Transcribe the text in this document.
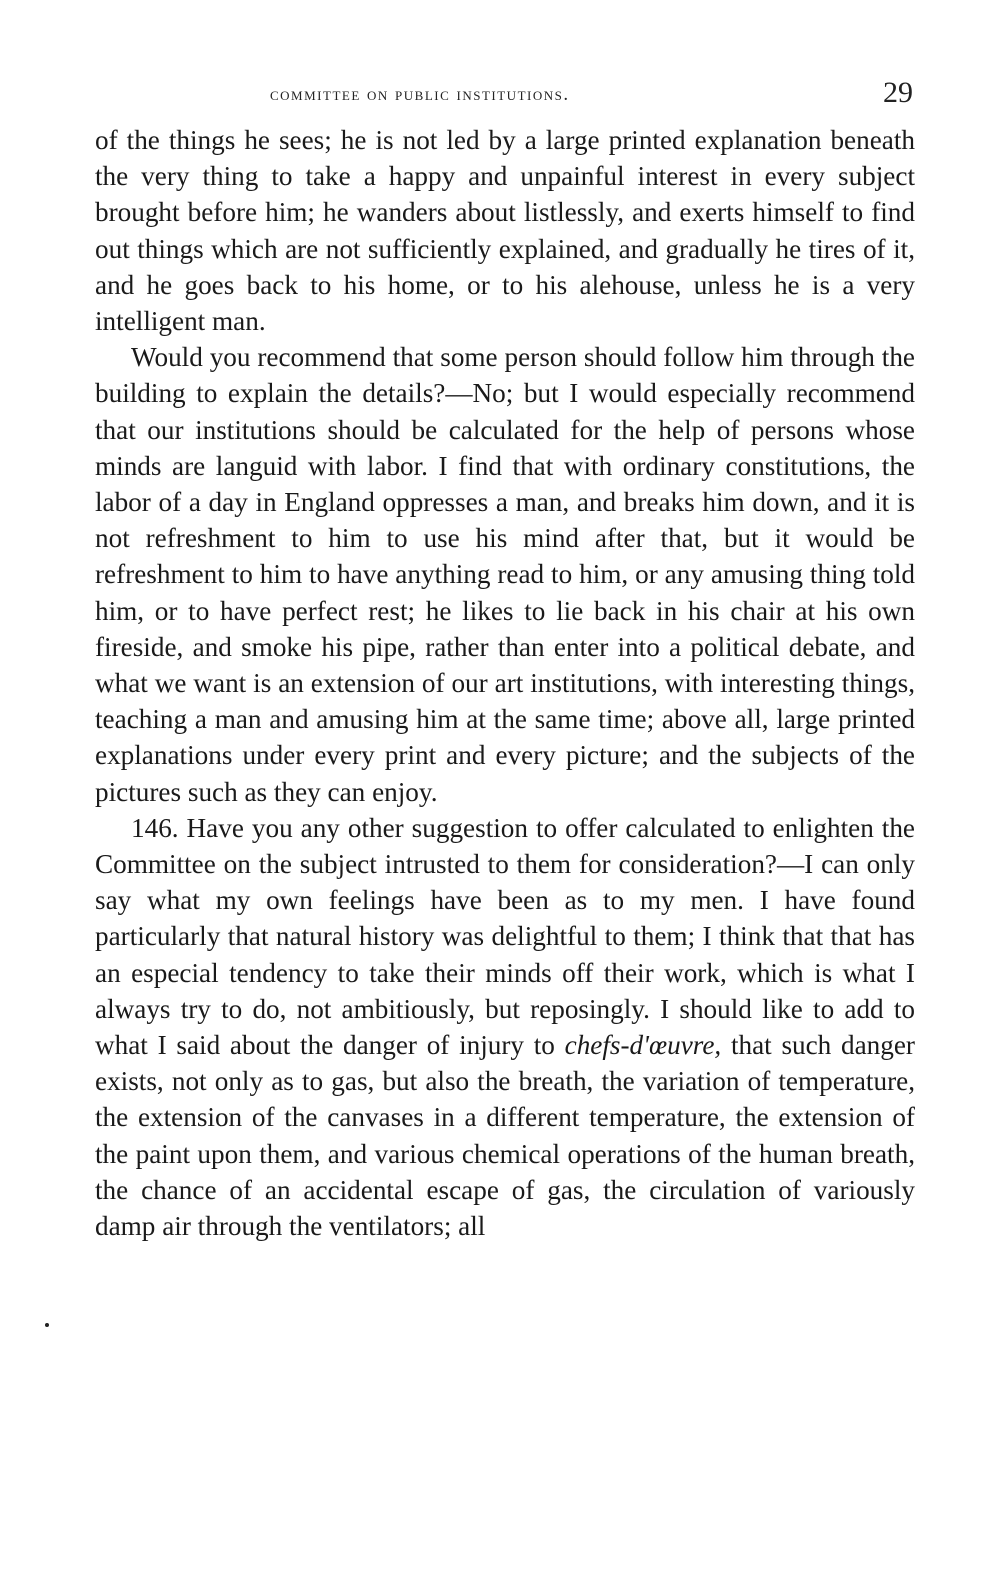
committee on public institutions.	29

of the things he sees; he is not led by a large printed explanation beneath the very thing to take a happy and unpainful interest in every subject brought before him; he wanders about listlessly, and exerts himself to find out things which are not sufficiently explained, and gradually he tires of it, and he goes back to his home, or to his alehouse, unless he is a very intelligent man.

Would you recommend that some person should follow him through the building to explain the details?—No; but I would especially recommend that our institutions should be calculated for the help of persons whose minds are languid with labor. I find that with ordinary constitutions, the labor of a day in England oppresses a man, and breaks him down, and it is not refreshment to him to use his mind after that, but it would be refreshment to him to have anything read to him, or any amusing thing told him, or to have perfect rest; he likes to lie back in his chair at his own fireside, and smoke his pipe, rather than enter into a political debate, and what we want is an extension of our art institutions, with interesting things, teaching a man and amusing him at the same time; above all, large printed explanations under every print and every picture; and the subjects of the pictures such as they can enjoy.

146. Have you any other suggestion to offer calculated to enlighten the Committee on the subject intrusted to them for consideration?—I can only say what my own feelings have been as to my men. I have found particularly that natural history was delightful to them; I think that that has an especial tendency to take their minds off their work, which is what I always try to do, not ambitiously, but reposingly. I should like to add to what I said about the danger of injury to chefs-d'œuvre, that such danger exists, not only as to gas, but also the breath, the variation of temperature, the extension of the canvases in a different temperature, the extension of the paint upon them, and various chemical operations of the human breath, the chance of an accidental escape of gas, the circulation of variously damp air through the ventilators; all
